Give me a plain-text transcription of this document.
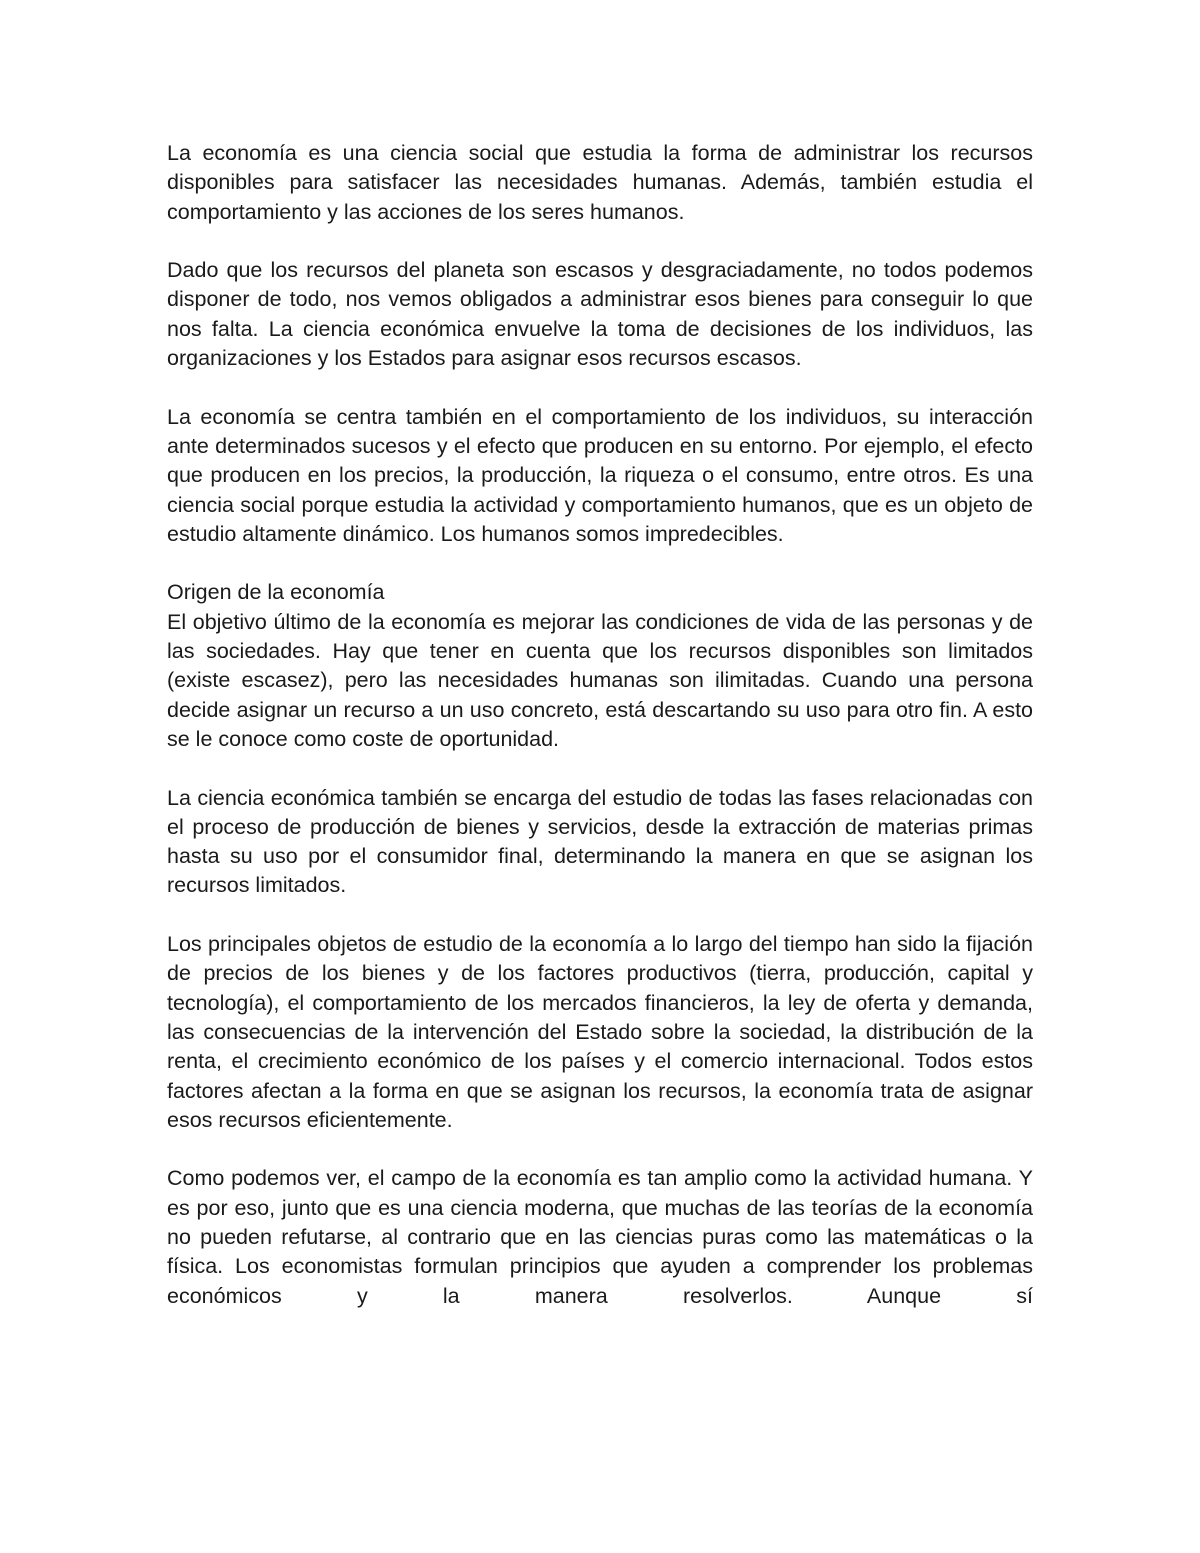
La economía es una ciencia social que estudia la forma de administrar los recursos disponibles para satisfacer las necesidades humanas. Además, también estudia el comportamiento y las acciones de los seres humanos.

Dado que los recursos del planeta son escasos y desgraciadamente, no todos podemos disponer de todo, nos vemos obligados a administrar esos bienes para conseguir lo que nos falta. La ciencia económica envuelve la toma de decisiones de los individuos, las organizaciones y los Estados para asignar esos recursos escasos.

La economía se centra también en el comportamiento de los individuos, su interacción ante determinados sucesos y el efecto que producen en su entorno. Por ejemplo, el efecto que producen en los precios, la producción, la riqueza o el consumo, entre otros. Es una ciencia social porque estudia la actividad y comportamiento humanos, que es un objeto de estudio altamente dinámico. Los humanos somos impredecibles.

Origen de la economía

El objetivo último de la economía es mejorar las condiciones de vida de las personas y de las sociedades. Hay que tener en cuenta que los recursos disponibles son limitados (existe escasez), pero las necesidades humanas son ilimitadas. Cuando una persona decide asignar un recurso a un uso concreto, está descartando su uso para otro fin. A esto se le conoce como coste de oportunidad.

La ciencia económica también se encarga del estudio de todas las fases relacionadas con el proceso de producción de bienes y servicios, desde la extracción de materias primas hasta su uso por el consumidor final, determinando la manera en que se asignan los recursos limitados.

Los principales objetos de estudio de la economía a lo largo del tiempo han sido la fijación de precios de los bienes y de los factores productivos (tierra, producción, capital y tecnología), el comportamiento de los mercados financieros, la ley de oferta y demanda, las consecuencias de la intervención del Estado sobre la sociedad, la distribución de la renta, el crecimiento económico de los países y el comercio internacional. Todos estos factores afectan a la forma en que se asignan los recursos, la economía trata de asignar esos recursos eficientemente.

Como podemos ver, el campo de la economía es tan amplio como la actividad humana. Y es por eso, junto que es una ciencia moderna, que muchas de las teorías de la economía no pueden refutarse, al contrario que en las ciencias puras como las matemáticas o la física. Los economistas formulan principios que ayuden a comprender los problemas económicos y la manera resolverlos. Aunque sí
